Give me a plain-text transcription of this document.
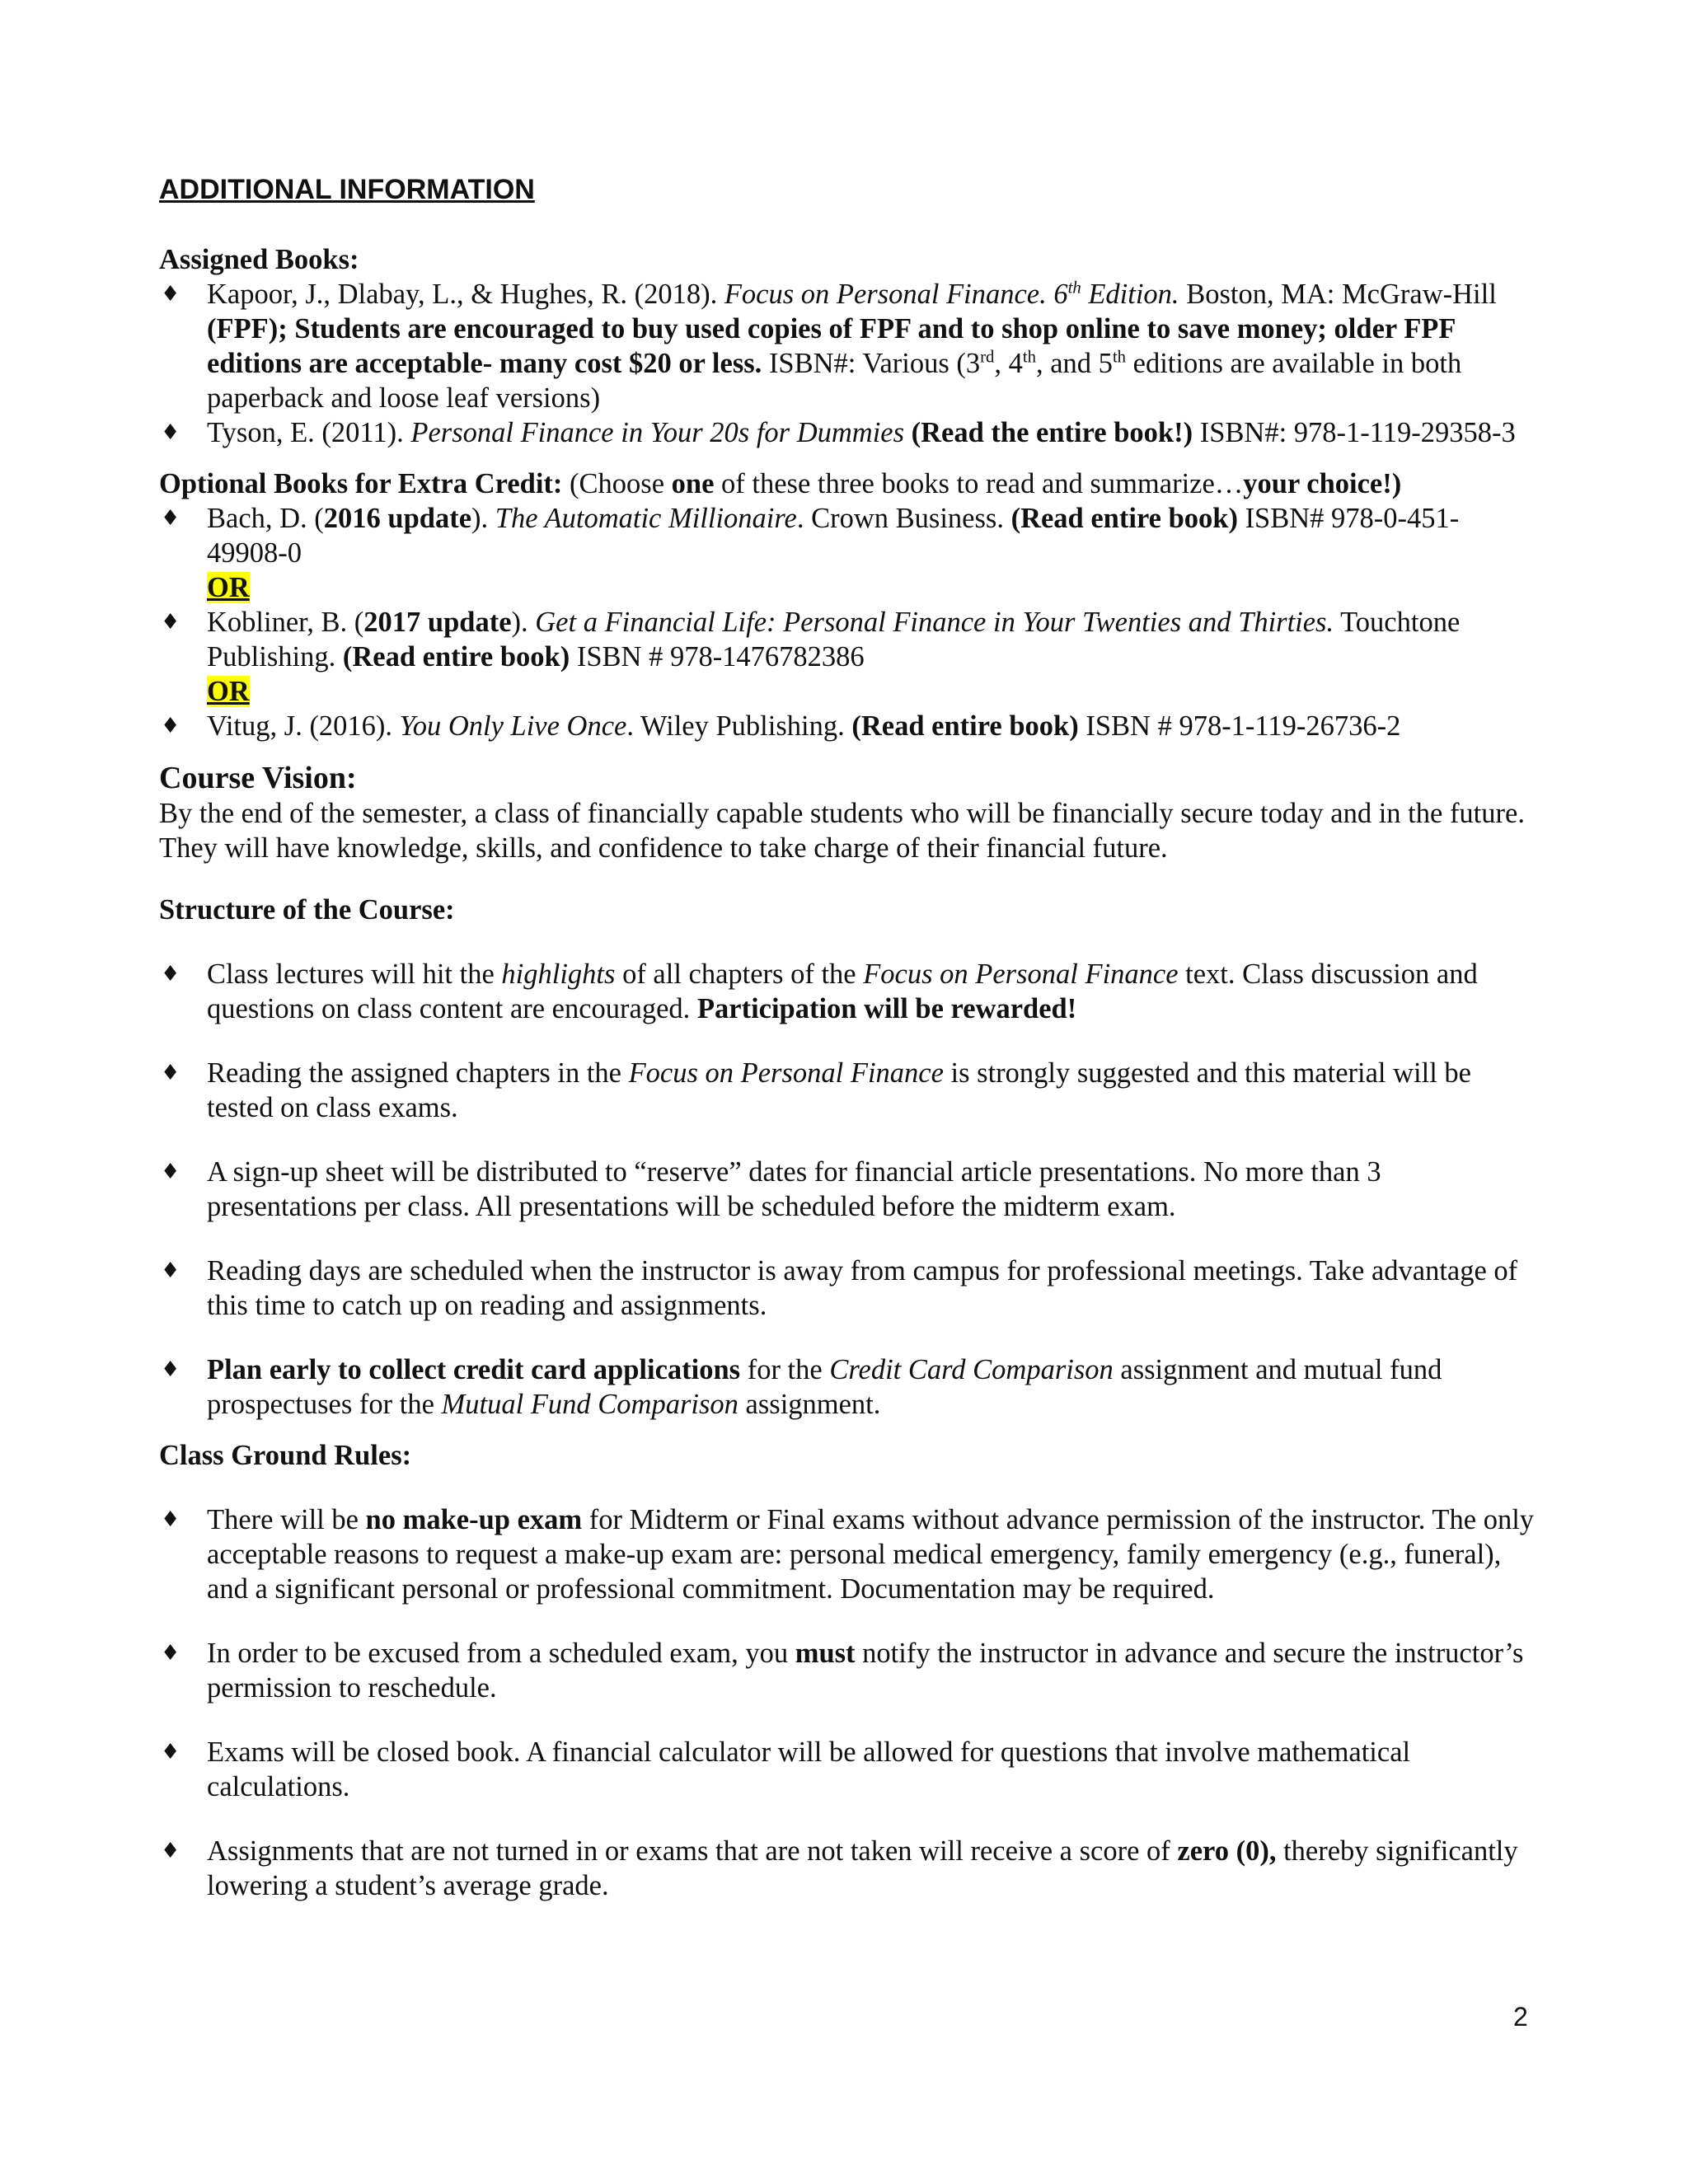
ADDITIONAL INFORMATION

Assigned Books:

♦ Kapoor, J., Dlabay, L., & Hughes, R. (2018). Focus on Personal Finance. 6th Edition. Boston, MA: McGraw-Hill (FPF); Students are encouraged to buy used copies of FPF and to shop online to save money; older FPF editions are acceptable- many cost $20 or less. ISBN#: Various (3rd, 4th, and 5th editions are available in both paperback and loose leaf versions)
♦ Tyson, E. (2011). Personal Finance in Your 20s for Dummies (Read the entire book!) ISBN#: 978-1-119-29358-3

Optional Books for Extra Credit: (Choose one of these three books to read and summarize…your choice!)

♦ Bach, D. (2016 update). The Automatic Millionaire. Crown Business. (Read entire book) ISBN# 978-0-451-49908-0
OR
♦ Kobliner, B. (2017 update). Get a Financial Life: Personal Finance in Your Twenties and Thirties. Touchtone Publishing. (Read entire book) ISBN # 978-1476782386
OR
♦ Vitug, J. (2016). You Only Live Once. Wiley Publishing. (Read entire book) ISBN # 978-1-119-26736-2

Course Vision:

By the end of the semester, a class of financially capable students who will be financially secure today and in the future. They will have knowledge, skills, and confidence to take charge of their financial future.

Structure of the Course:

♦ Class lectures will hit the highlights of all chapters of the Focus on Personal Finance text. Class discussion and questions on class content are encouraged. Participation will be rewarded!
♦ Reading the assigned chapters in the Focus on Personal Finance is strongly suggested and this material will be tested on class exams.
♦ A sign-up sheet will be distributed to “reserve” dates for financial article presentations. No more than 3 presentations per class. All presentations will be scheduled before the midterm exam.
♦ Reading days are scheduled when the instructor is away from campus for professional meetings. Take advantage of this time to catch up on reading and assignments.
♦ Plan early to collect credit card applications for the Credit Card Comparison assignment and mutual fund prospectuses for the Mutual Fund Comparison assignment.

Class Ground Rules:

♦ There will be no make-up exam for Midterm or Final exams without advance permission of the instructor. The only acceptable reasons to request a make-up exam are: personal medical emergency, family emergency (e.g., funeral), and a significant personal or professional commitment. Documentation may be required.
♦ In order to be excused from a scheduled exam, you must notify the instructor in advance and secure the instructor’s permission to reschedule.
♦ Exams will be closed book. A financial calculator will be allowed for questions that involve mathematical calculations.
♦ Assignments that are not turned in or exams that are not taken will receive a score of zero (0), thereby significantly lowering a student’s average grade.
2
